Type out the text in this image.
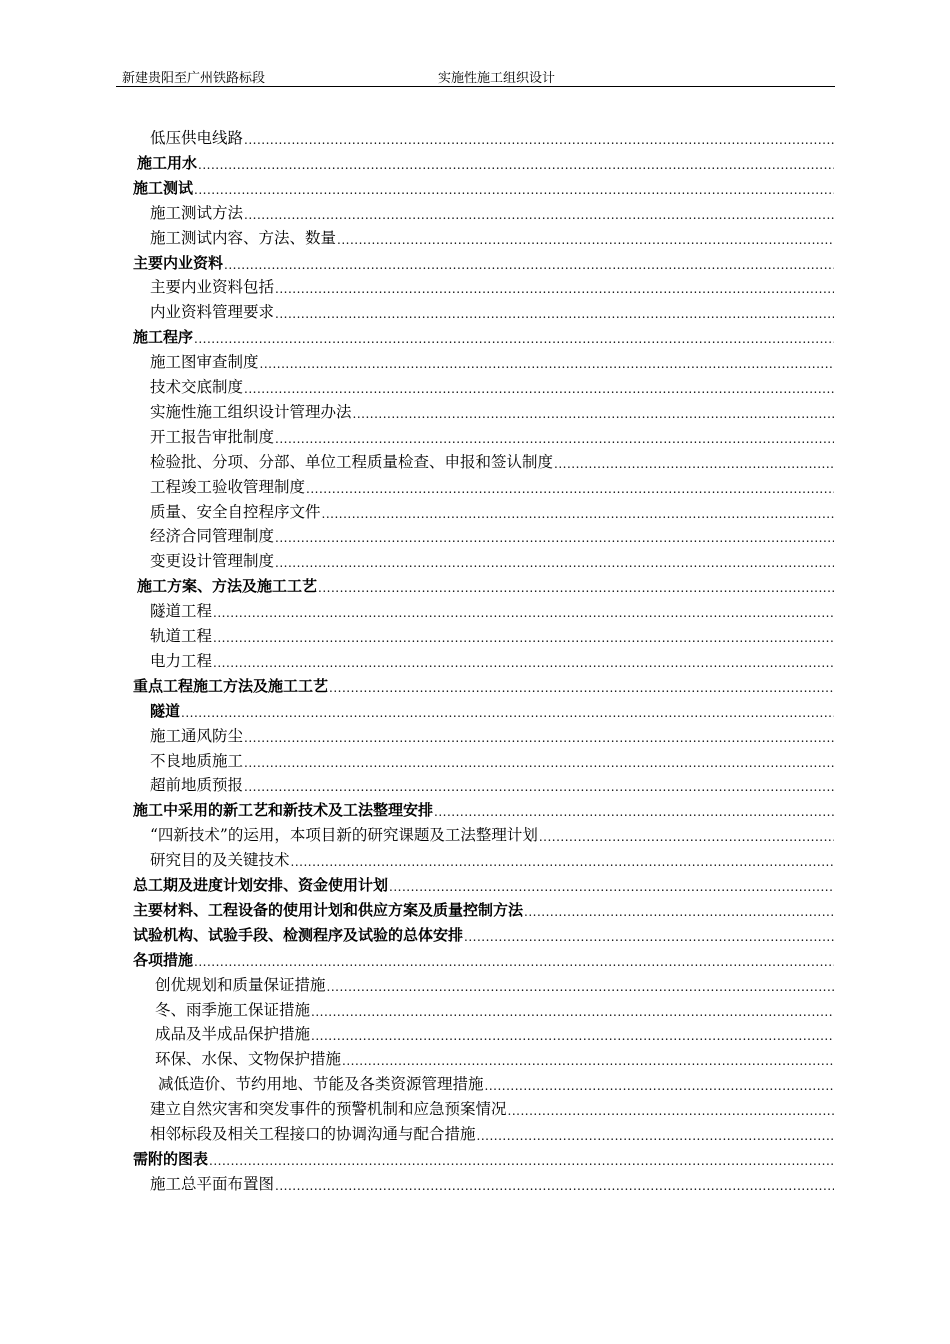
新建贵阳至广州铁路标段	实施性施工组织设计
低压供电线路
.....
施工用水
.....
施工测试
.....
施工测试方法
.....
施工测试内容、方法、数量
.....
主要内业资料
.....
主要内业资料包括
.....
内业资料管理要求
.....
施工程序
.....
施工图审查制度
.....
技术交底制度
.....
实施性施工组织设计管理办法
.....
开工报告审批制度
.....
检验批、分项、分部、单位工程质量检查、申报和签认制度
.....
工程竣工验收管理制度
.....
质量、安全自控程序文件
.....
经济合同管理制度
.....
变更设计管理制度
.....
施工方案、方法及施工工艺
.....
隧道工程
.....
轨道工程
.....
电力工程
.....
重点工程施工方法及施工工艺
.....
隧道
.....
施工通风防尘
.....
不良地质施工
.....
超前地质预报
.....
施工中采用的新工艺和新技术及工法整理安排
.....
“四新技术”的运用，本项目新的研究课题及工法整理计划
.....
研究目的及关键技术
.....
总工期及进度计划安排、资金使用计划
.....
主要材料、工程设备的使用计划和供应方案及质量控制方法
.....
试验机构、试验手段、检测程序及试验的总体安排
.....
各项措施
.....
创优规划和质量保证措施
.....
冬、雨季施工保证措施
.....
成品及半成品保护措施
.....
环保、水保、文物保护措施
.....
减低造价、节约用地、节能及各类资源管理措施
.....
建立自然灾害和突发事件的预警机制和应急预案情况
.....
相邻标段及相关工程接口的协调沟通与配合措施
.....
需附的图表
.....
施工总平面布置图
.....
